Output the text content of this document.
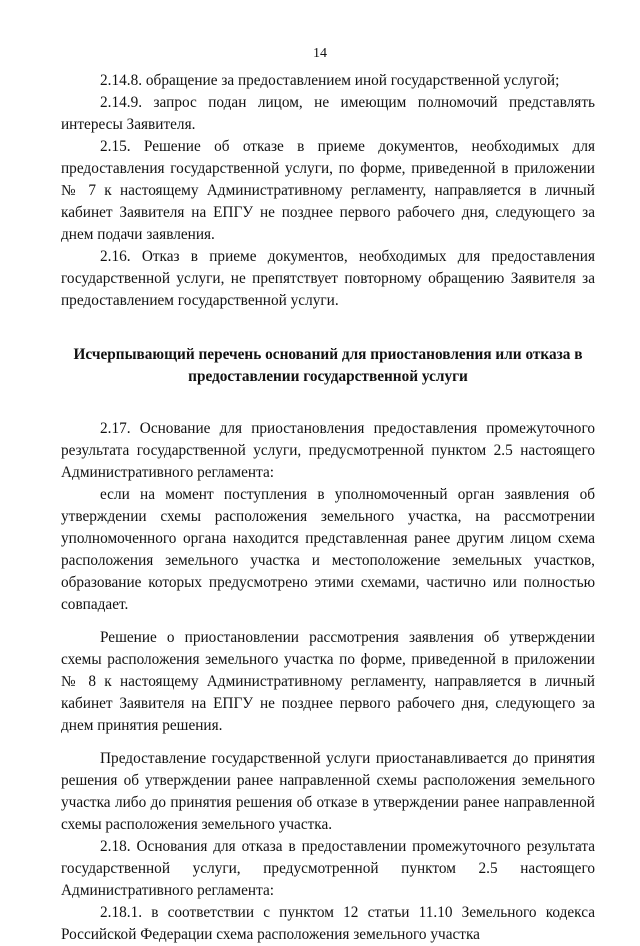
14

2.14.8. обращение за предоставлением иной государственной услугой;

2.14.9. запрос подан лицом, не имеющим полномочий представлять интересы Заявителя.

2.15. Решение об отказе в приеме документов, необходимых для предоставления государственной услуги, по форме, приведенной в приложении № 7 к настоящему Административному регламенту, направляется в личный кабинет Заявителя на ЕПГУ не позднее первого рабочего дня, следующего за днем подачи заявления.

2.16. Отказ в приеме документов, необходимых для предоставления государственной услуги, не препятствует повторному обращению Заявителя за предоставлением государственной услуги.

Исчерпывающий перечень оснований для приостановления или отказа в
предоставлении государственной услуги

2.17. Основание для приостановления предоставления промежуточного результата государственной услуги, предусмотренной пунктом 2.5 настоящего Административного регламента:

если на момент поступления в уполномоченный орган заявления об утверждении схемы расположения земельного участка, на рассмотрении уполномоченного органа находится представленная ранее другим лицом схема расположения земельного участка и местоположение земельных участков, образование которых предусмотрено этими схемами, частично или полностью совпадает.

Решение о приостановлении рассмотрения заявления об утверждении схемы расположения земельного участка по форме, приведенной в приложении № 8 к настоящему Административному регламенту, направляется в личный кабинет Заявителя на ЕПГУ не позднее первого рабочего дня, следующего за днем принятия решения.

Предоставление государственной услуги приостанавливается до принятия решения об утверждении ранее направленной схемы расположения земельного участка либо до принятия решения об отказе в утверждении ранее направленной схемы расположения земельного участка.

2.18. Основания для отказа в предоставлении промежуточного результата государственной услуги, предусмотренной пунктом 2.5 настоящего Административного регламента:

2.18.1. в соответствии с пунктом 12 статьи 11.10 Земельного кодекса Российской Федерации схема расположения земельного участка
